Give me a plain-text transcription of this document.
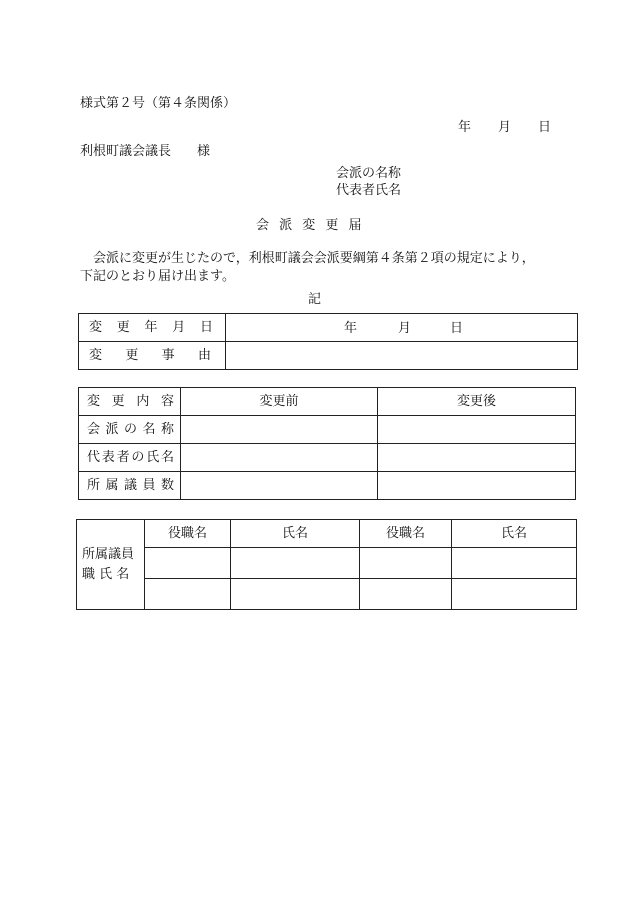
様式第２号（第４条関係）
年 月 日
利根町議会議長　　様
会派の名称
代表者氏名
会 派 変 更 届
　会派に変更が生じたので，利根町議会会派要綱第４条第２項の規定により，
下記のとおり届け出ます。
記
変更年月日	年 月 日

変更事由	
変更内容	変更前	変更後
会派の名称		
代表者の氏名		
所属議員数		
所属議員
職 氏 名	役職名	氏名	役職名	氏名
